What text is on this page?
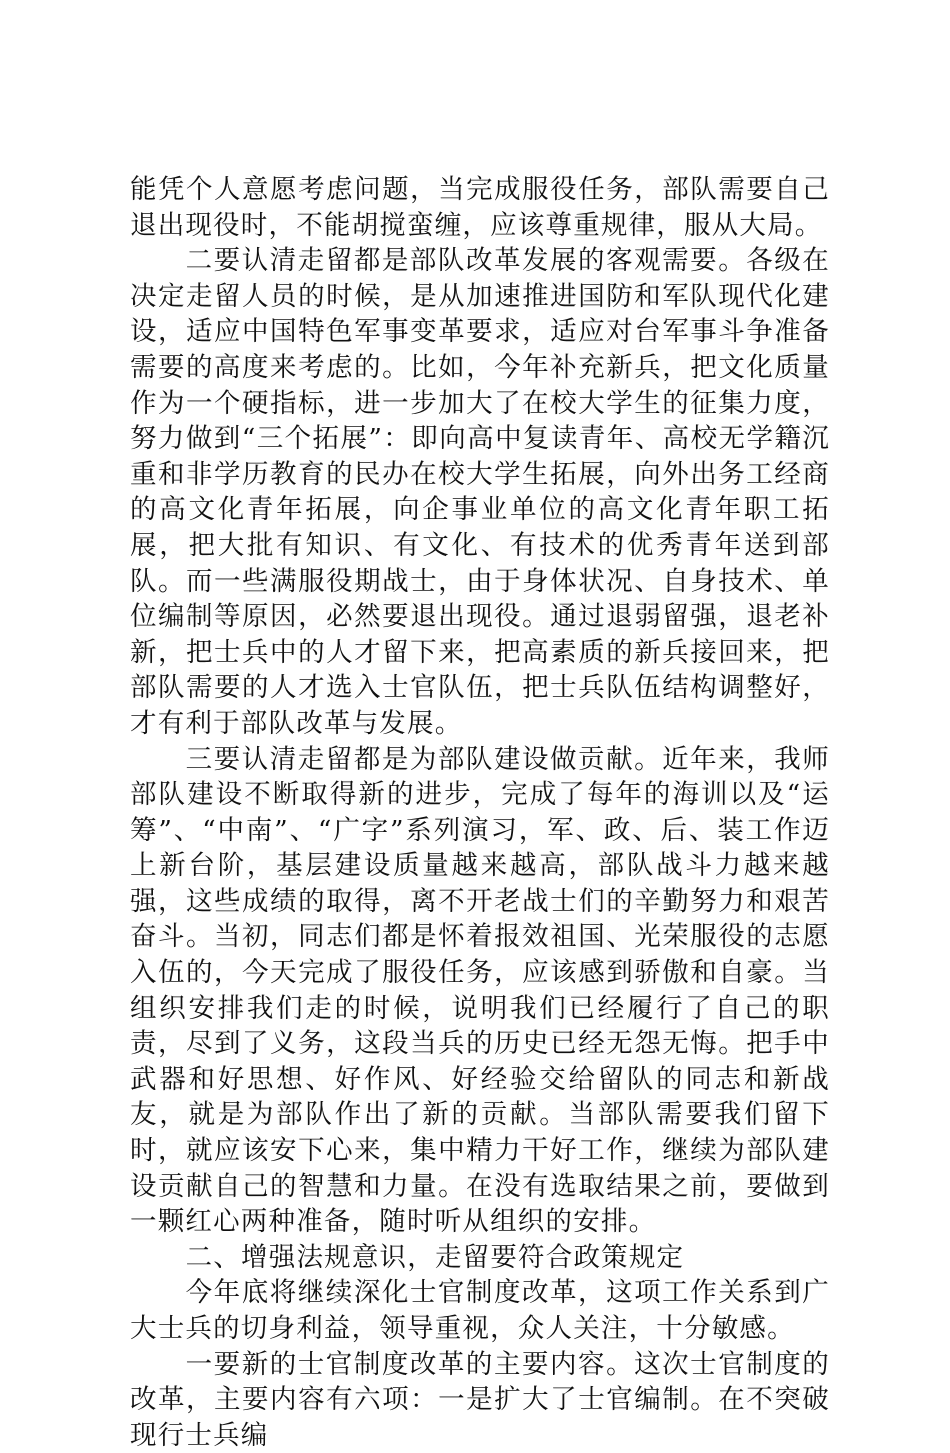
能凭个人意愿考虑问题，当完成服役任务，部队需要自己退出现役时，不能胡搅蛮缠，应该尊重规律，服从大局。

二要认清走留都是部队改革发展的客观需要。各级在决定走留人员的时候，是从加速推进国防和军队现代化建设，适应中国特色军事变革要求，适应对台军事斗争准备需要的高度来考虑的。比如，今年补充新兵，把文化质量作为一个硬指标，进一步加大了在校大学生的征集力度，努力做到“三个拓展”：即向高中复读青年、高校无学籍沉重和非学历教育的民办在校大学生拓展，向外出务工经商的高文化青年拓展，向企事业单位的高文化青年职工拓展，把大批有知识、有文化、有技术的优秀青年送到部队。而一些满服役期战士，由于身体状况、自身技术、单位编制等原因，必然要退出现役。通过退弱留强，退老补新，把士兵中的人才留下来，把高素质的新兵接回来，把部队需要的人才选入士官队伍，把士兵队伍结构调整好，才有利于部队改革与发展。

三要认清走留都是为部队建设做贡献。近年来，我师部队建设不断取得新的进步，完成了每年的海训以及“运筹”、“中南”、“广字”系列演习，军、政、后、装工作迈上新台阶，基层建设质量越来越高，部队战斗力越来越强，这些成绩的取得，离不开老战士们的辛勤努力和艰苦奋斗。当初，同志们都是怀着报效祖国、光荣服役的志愿入伍的，今天完成了服役任务，应该感到骄傲和自豪。当组织安排我们走的时候，说明我们已经履行了自己的职责，尽到了义务，这段当兵的历史已经无怨无悔。把手中武器和好思想、好作风、好经验交给留队的同志和新战友，就是为部队作出了新的贡献。当部队需要我们留下时，就应该安下心来，集中精力干好工作，继续为部队建设贡献自己的智慧和力量。在没有选取结果之前，要做到一颗红心两种准备，随时听从组织的安排。

二、增强法规意识，走留要符合政策规定

今年底将继续深化士官制度改革，这项工作关系到广大士兵的切身利益，领导重视，众人关注，十分敏感。

一要新的士官制度改革的主要内容。这次士官制度的改革，主要内容有六项：一是扩大了士官编制。在不突破现行士兵编
